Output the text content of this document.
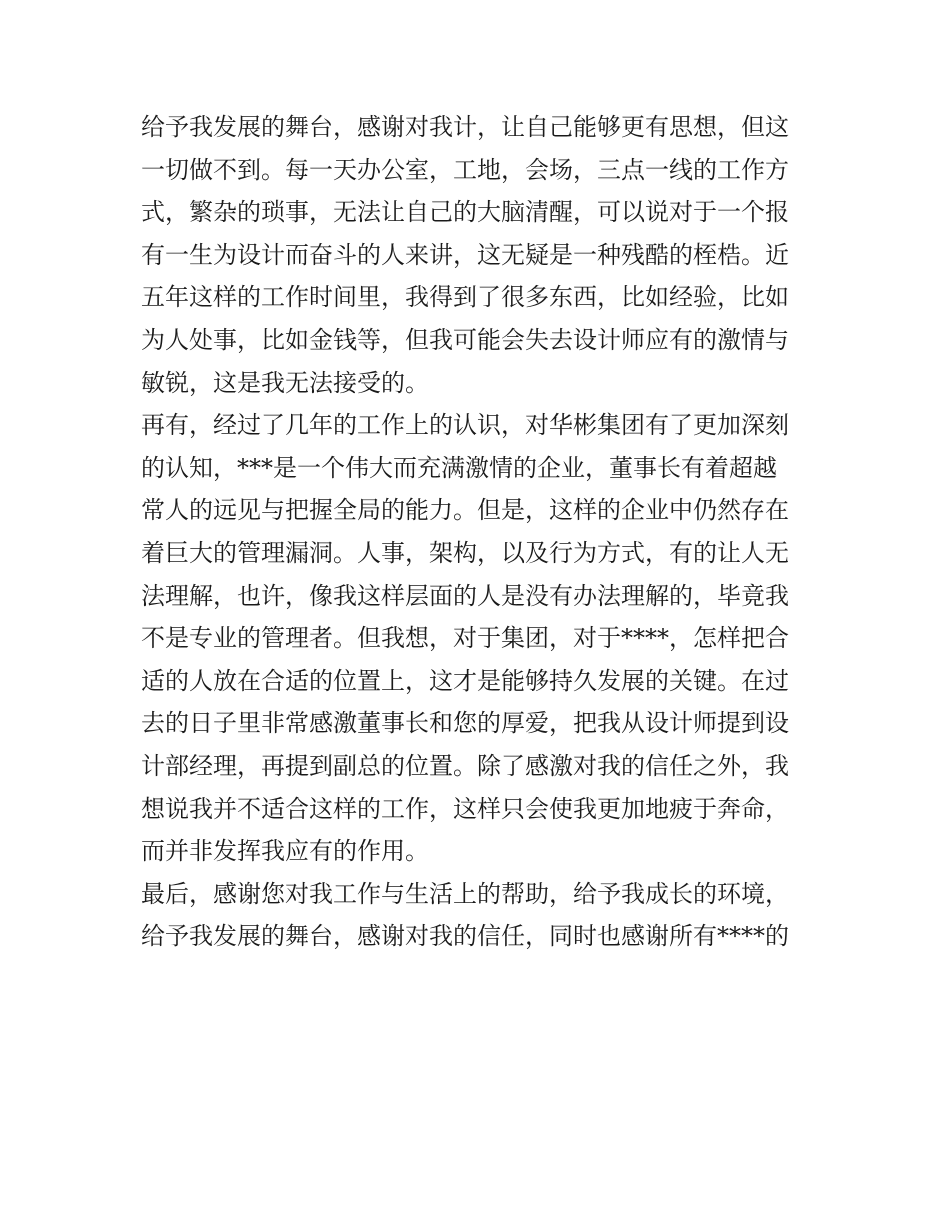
给予我发展的舞台，感谢对我计，让自己能够更有思想，但这
一切做不到。每一天办公室，工地，会场，三点一线的工作方
式，繁杂的琐事，无法让自己的大脑清醒，可以说对于一个报
有一生为设计而奋斗的人来讲，这无疑是一种残酷的桎梏。近
五年这样的工作时间里，我得到了很多东西，比如经验，比如
为人处事，比如金钱等，但我可能会失去设计师应有的激情与
敏锐，这是我无法接受的。
再有，经过了几年的工作上的认识，对华彬集团有了更加深刻
的认知，***是一个伟大而充满激情的企业，董事长有着超越
常人的远见与把握全局的能力。但是，这样的企业中仍然存在
着巨大的管理漏洞。人事，架构，以及行为方式，有的让人无
法理解，也许，像我这样层面的人是没有办法理解的，毕竟我
不是专业的管理者。但我想，对于集团，对于****，怎样把合
适的人放在合适的位置上，这才是能够持久发展的关键。在过
去的日子里非常感激董事长和您的厚爱，把我从设计师提到设
计部经理，再提到副总的位置。除了感激对我的信任之外，我
想说我并不适合这样的工作，这样只会使我更加地疲于奔命，
而并非发挥我应有的作用。
最后，感谢您对我工作与生活上的帮助，给予我成长的环境，
给予我发展的舞台，感谢对我的信任，同时也感谢所有****的
